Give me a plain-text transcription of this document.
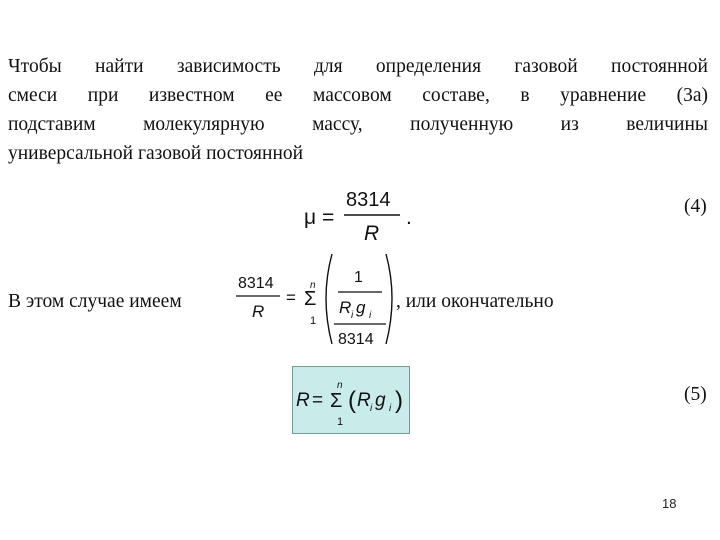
Чтобы найти зависимость для определения газовой постоянной
смеси при известном ее массовом составе, в уравнение (3а)
подставим молекулярную массу, полученную из величины
универсальной газовой постоянной
μ =
8314
R
.	(4)
В этом случае имеем
8314
R
=
n
Σ
1
1
R i g i
8314
, или окончательно
R =
n
Σ
1
( R i g i )	(5)
18
